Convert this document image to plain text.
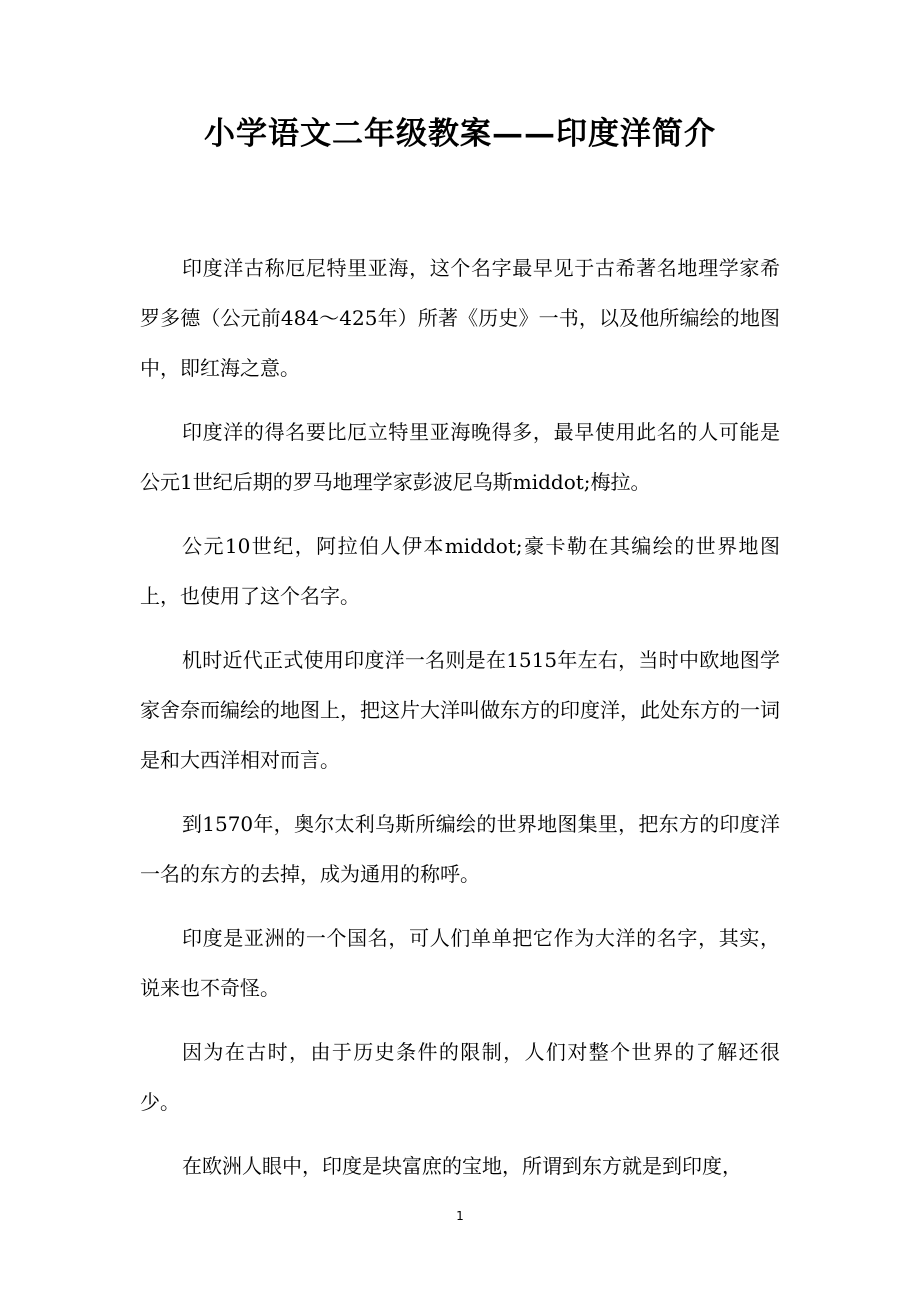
小学语文二年级教案——印度洋简介

印度洋古称厄尼特里亚海，这个名字最早见于古希著名地理学家希罗多德（公元前484～425年）所著《历史》一书，以及他所编绘的地图中，即红海之意。

印度洋的得名要比厄立特里亚海晚得多，最早使用此名的人可能是公元1世纪后期的罗马地理学家彭波尼乌斯middot;梅拉。

公元10世纪，阿拉伯人伊本middot;豪卡勒在其编绘的世界地图上，也使用了这个名字。

机时近代正式使用印度洋一名则是在1515年左右，当时中欧地图学家舍奈而编绘的地图上，把这片大洋叫做东方的印度洋，此处东方的一词是和大西洋相对而言。

到1570年，奥尔太利乌斯所编绘的世界地图集里，把东方的印度洋一名的东方的去掉，成为通用的称呼。

印度是亚洲的一个国名，可人们单单把它作为大洋的名字，其实，说来也不奇怪。

因为在古时，由于历史条件的限制，人们对整个世界的了解还很少。

在欧洲人眼中，印度是块富庶的宝地，所谓到东方就是到印度，

1
